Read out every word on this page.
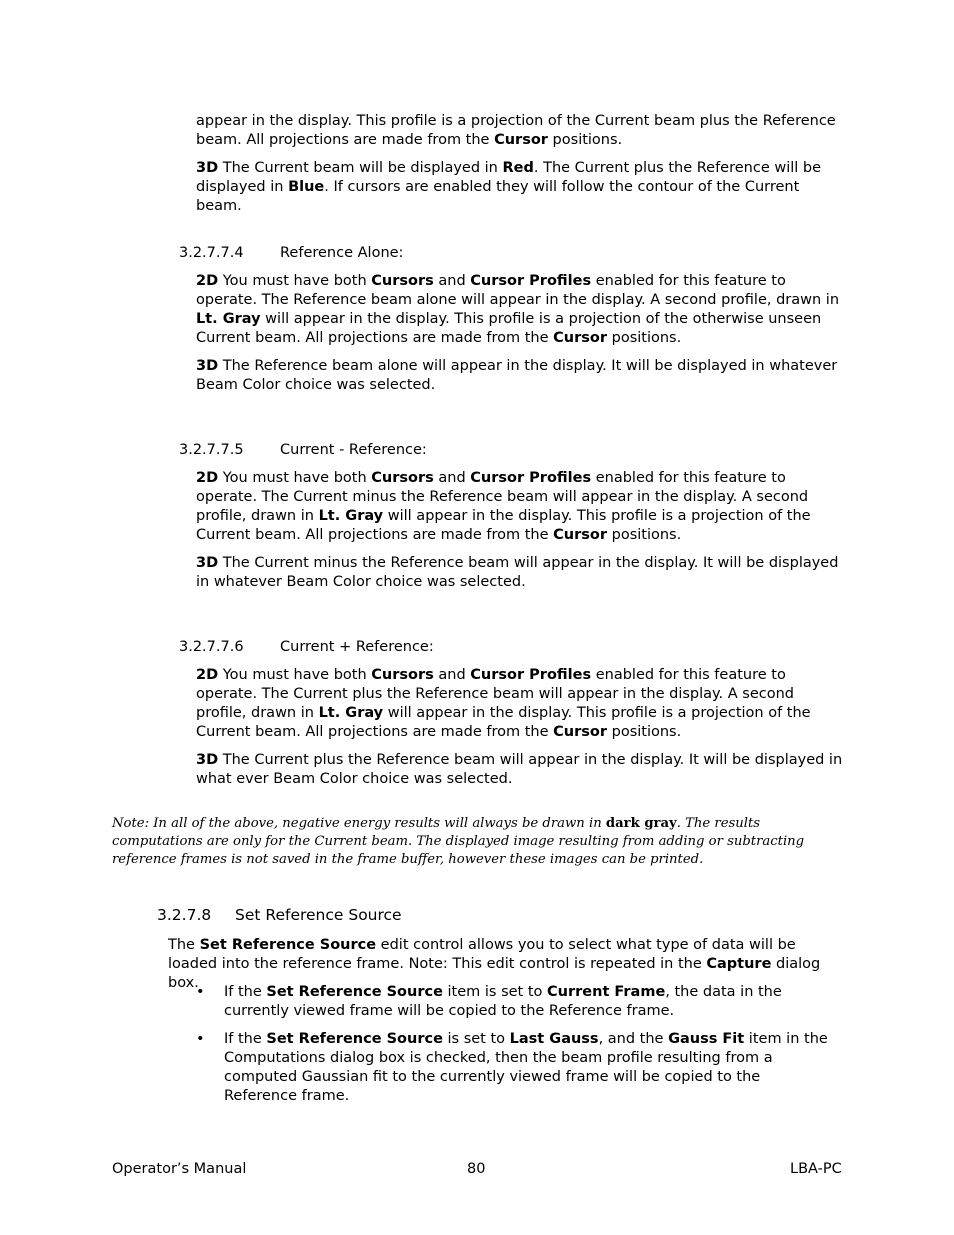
appear in the display. This profile is a projection of the Current beam plus the Reference beam. All projections are made from the Cursor positions.

3D The Current beam will be displayed in Red. The Current plus the Reference will be displayed in Blue. If cursors are enabled they will follow the contour of the Current beam.

3.2.7.7.4	Reference Alone:

2D You must have both Cursors and Cursor Profiles enabled for this feature to operate. The Reference beam alone will appear in the display. A second profile, drawn in Lt. Gray will appear in the display. This profile is a projection of the otherwise unseen Current beam. All projections are made from the Cursor positions.

3D The Reference beam alone will appear in the display. It will be displayed in whatever Beam Color choice was selected.

3.2.7.7.5	Current - Reference:

2D You must have both Cursors and Cursor Profiles enabled for this feature to operate. The Current minus the Reference beam will appear in the display. A second profile, drawn in Lt. Gray will appear in the display. This profile is a projection of the Current beam. All projections are made from the Cursor positions.

3D The Current minus the Reference beam will appear in the display. It will be displayed in whatever Beam Color choice was selected.

3.2.7.7.6	Current + Reference:

2D You must have both Cursors and Cursor Profiles enabled for this feature to operate. The Current plus the Reference beam will appear in the display. A second profile, drawn in Lt. Gray will appear in the display. This profile is a projection of the Current beam. All projections are made from the Cursor positions.

3D The Current plus the Reference beam will appear in the display. It will be displayed in what ever Beam Color choice was selected.

Note: In all of the above, negative energy results will always be drawn in dark gray. The results computations are only for the Current beam. The displayed image resulting from adding or subtracting reference frames is not saved in the frame buffer, however these images can be printed.
3.2.7.8 Set Reference Source
The Set Reference Source edit control allows you to select what type of data will be loaded into the reference frame. Note: This edit control is repeated in the Capture dialog box.
• If the Set Reference Source item is set to Current Frame, the data in the currently viewed frame will be copied to the Reference frame.
• If the Set Reference Source is set to Last Gauss, and the Gauss Fit item in the Computations dialog box is checked, then the beam profile resulting from a computed Gaussian fit to the currently viewed frame will be copied to the Reference frame.
Operator’s Manual	80	LBA-PC
